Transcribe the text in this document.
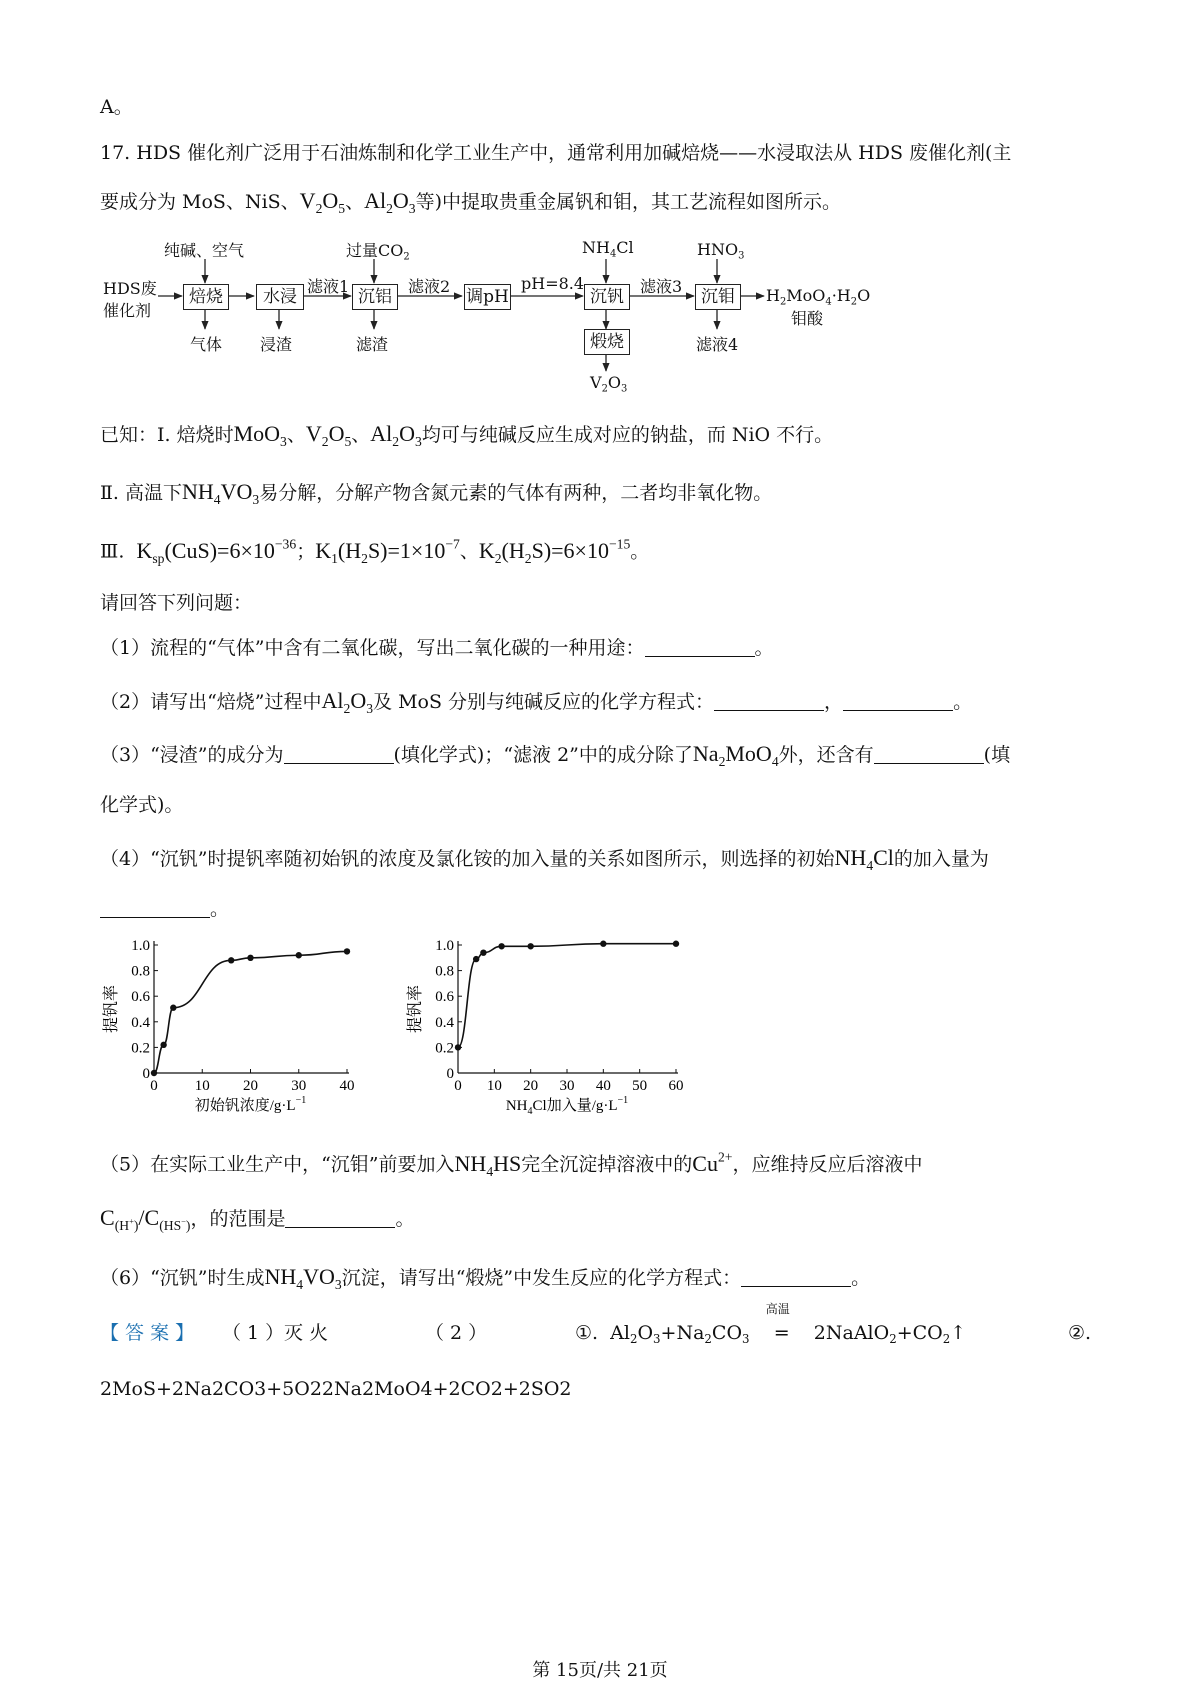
A。
17. HDS 催化剂广泛用于石油炼制和化学工业生产中，通常利用加碱焙烧——水浸取法从 HDS 废催化剂(主
要成分为 MoS、NiS、$V_2O_5$、$Al_2O_3$等)中提取贵重金属钒和钼，其工艺流程如图所示。
HDS废
催化剂
纯碱、空气	过量$CO_2$	$NH_4Cl$	$HNO_3$
焙烧	水浸	沉铝	调pH	沉钒	沉钼
煅烧
滤液1	滤液2	pH=8.4	滤液3
气体 浸渣	滤渣	滤液4
$V_2O_3$
$H_2MoO_4\cdot H_2O$
钼酸
已知：Ⅰ. 焙烧时MoO$_3$、$V_2O_5$、$Al_2O_3$均可与纯碱反应生成对应的钠盐，而 NiO 不行。
Ⅱ. 高温下$NH_4VO_3$易分解，分解产物含氮元素的气体有两种，二者均非氧化物。
Ⅲ. $K_{sp}(CuS)=6\times 10^{-36}$；$K_1(H_2S)=1\times 10^{-7}$、$K_2(H_2S)=6\times 10^{-15}$。
请回答下列问题：
（1）流程的“气体”中含有二氧化碳，写出二氧化碳的一种用途：	。
（2）请写出“焙烧”过程中$Al_2O_3$及 MoS 分别与纯碱反应的化学方程式：	，	。
（3）“浸渣”的成分为	(填化学式)；“滤液 2”中的成分除了$Na_2MoO_4$外，还含有	(填
化学式)。
（4）“沉钒”时提钒率随初始钒的浓度及氯化铵的加入量的关系如图所示，则选择的初始$NH_4Cl$的加入量为
。
0
0.2
0.4
0.6
0.8
1.0
0 10 20 30 40
提钒率
初始钒浓度$/g\cdot L^{-1}$
0
0.2
0.4
0.6
0.8
1.0
0 10 20 30 40 50 60
提钒率
$NH_4Cl$加入量$/g\cdot L^{-1}$
（5）在实际工业生产中，“沉钼”前要加入$NH_4HS$完全沉淀掉溶液中的$Cu^{2+}$，应维持反应后溶液中
$C_{(H^+)}/C_{(HS^-)}$，的范围是	。
（6）“沉钒”时生成$NH_4VO_3$沉淀，请写出“煅烧”中发生反应的化学方程式：	。
【 答 案 】 （ 1 ） 灭 火	（ 2 ）	①.  $Al_2O_3+Na_2CO_3$ =
高温
$2NaAlO_2+CO_2↑$	②.
2MoS+2Na2CO3+5O22Na2MoO4+2CO2+2SO2
第 15页/共 21页
